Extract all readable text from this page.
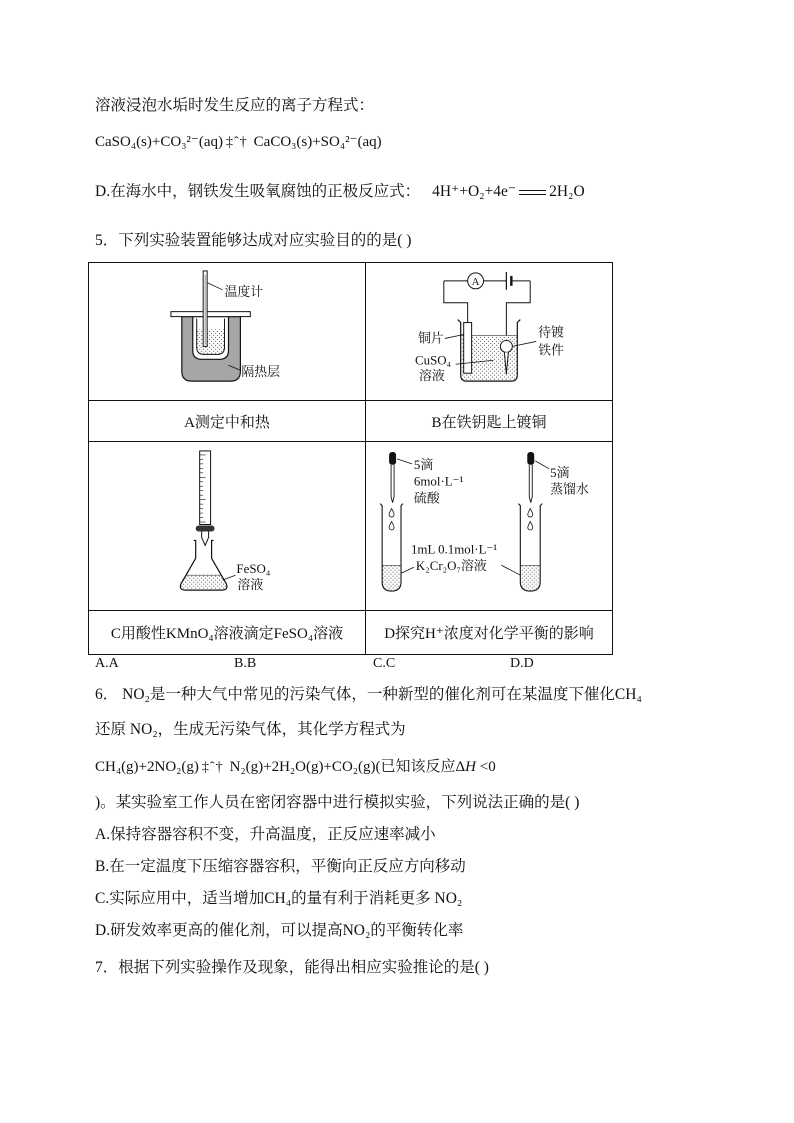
溶液浸泡水垢时发生反应的离子方程式：
CaSO₄(s)+CO₃²⁻(aq) ‡ˆ† CaCO₃(s)+SO₄²⁻(aq)
D.在海水中，钢铁发生吸氧腐蚀的正极反应式： 4H⁺+O₂+4e⁻ 2H₂O
5．下列实验装置能够达成对应实验目的的是( )
温度计
隔热层
A
铜片
CuSO₄
溶液
待镀
铁件
A测定中和热	B在铁钥匙上镀铜
FeSO₄
溶液
5滴
6mol·L⁻¹
硫酸
5滴
蒸馏水
1mL 0.1mol·L⁻¹
K₂Cr₂O₇溶液
C用酸性KMnO₄溶液滴定FeSO₄溶液	D探究H⁺浓度对化学平衡的影响
A.A	B.B	C.C	D.D
6． NO₂是一种大气中常见的污染气体，一种新型的催化剂可在某温度下催化CH₄
还原 NO₂，生成无污染气体，其化学方程式为
CH₄(g)+2NO₂(g) ‡ˆ† N₂(g)+2H₂O(g)+CO₂(g)(已知该反应ΔH <0
)。某实验室工作人员在密闭容器中进行模拟实验，下列说法正确的是( )
A.保持容器容积不变，升高温度，正反应速率减小
B.在一定温度下压缩容器容积，平衡向正反应方向移动
C.实际应用中，适当增加CH₄的量有利于消耗更多 NO₂
D.研发效率更高的催化剂，可以提高NO₂的平衡转化率
7．根据下列实验操作及现象，能得出相应实验推论的是( )
